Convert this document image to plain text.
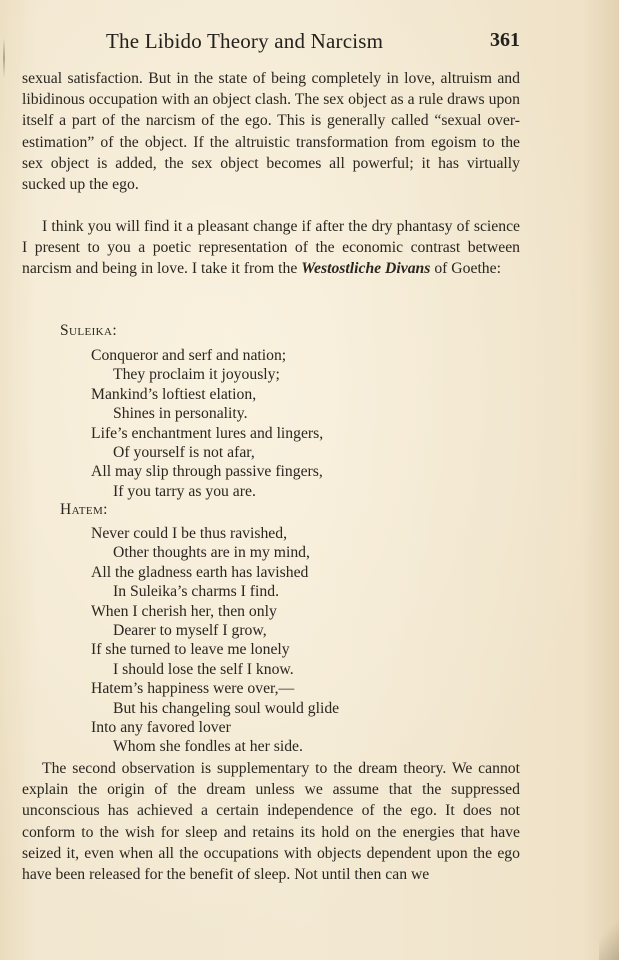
The Libido Theory and Narcism	361

sexual satisfaction. But in the state of being completely in love, altruism and libidinous occupation with an object clash. The sex object as a rule draws upon itself a part of the narcism of the ego. This is generally called “sexual over-estimation” of the object. If the altruistic transformation from egoism to the sex object is added, the sex object becomes all powerful; it has virtually sucked up the ego.

I think you will find it a pleasant change if after the dry phantasy of science I present to you a poetic representation of the economic contrast between narcism and being in love. I take it from the Westostliche Divans of Goethe:

Suleika:
Conqueror and serf and nation;
They proclaim it joyously;
Mankind’s loftiest elation,
Shines in personality.
Life’s enchantment lures and lingers,
Of yourself is not afar,
All may slip through passive fingers,
If you tarry as you are.
Hatem:
Never could I be thus ravished,
Other thoughts are in my mind,
All the gladness earth has lavished
In Suleika’s charms I find.
When I cherish her, then only
Dearer to myself I grow,
If she turned to leave me lonely
I should lose the self I know.
Hatem’s happiness were over,—
But his changeling soul would glide
Into any favored lover
Whom she fondles at her side.

The second observation is supplementary to the dream theory. We cannot explain the origin of the dream unless we assume that the suppressed unconscious has achieved a certain independence of the ego. It does not conform to the wish for sleep and retains its hold on the energies that have seized it, even when all the occupations with objects dependent upon the ego have been released for the benefit of sleep. Not until then can we
